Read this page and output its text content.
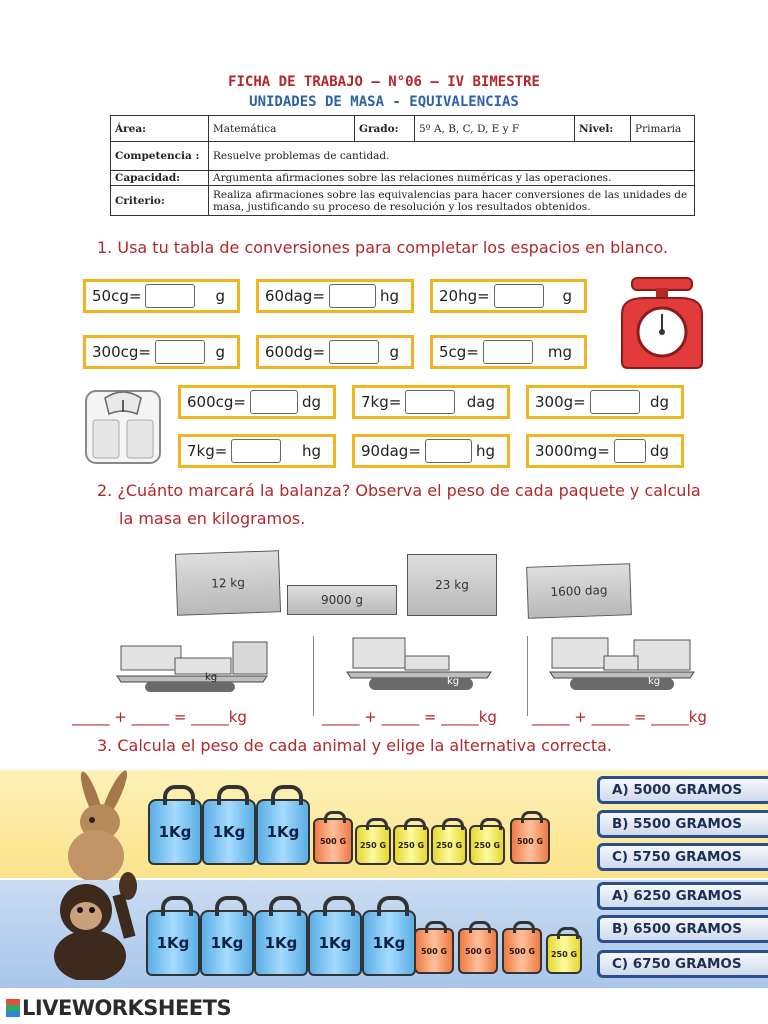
FICHA DE TRABAJO – N°06 – IV BIMESTRE
UNIDADES DE MASA - EQUIVALENCIAS
Área:	Matemática	Grado:	5º A, B, C, D, E y F	Nivel:	Primaria
Competencia :	Resuelve problemas de cantidad.				
Capacidad:	Argumenta afirmaciones sobre las relaciones numéricas y las operaciones.				
Criterio:	Realiza afirmaciones sobre las equivalencias para hacer conversiones de las unidades de masa, justificando su proceso de resolución y los resultados obtenidos.				
1. Usa tu tabla de conversiones para completar los espacios en blanco.
50cg=	g	60dag=	hg	20hg=	g
300cg=	g	600dg=	g	5cg=	mg
600cg=	dg	7kg=	dag	300g=	dg
7kg=	hg	90dag=	hg	3000mg=	dg
2. ¿Cuánto marcará la balanza? Observa el peso de cada paquete y calcula
la masa en kilogramos.
12 kg
9000 g
23 kg	1600 dag
kg	kg	kg
_____ + _____ = _____kg	_____ + _____ = _____kg _____ + _____ = _____kg
3. Calcula el peso de cada animal y elige la alternativa correcta.
1Kg	1Kg	1Kg
500 G	250 G	250 G	250 G	250 G	500 G
1Kg	1Kg	1Kg	1Kg	1Kg	500 G	500 G	500 G	250 G
A) 5000 GRAMOS
B) 5500 GRAMOS
C) 5750 GRAMOS
A) 6250 GRAMOS
B) 6500 GRAMOS
C) 6750 GRAMOS
LIVEWORKSHEETS
